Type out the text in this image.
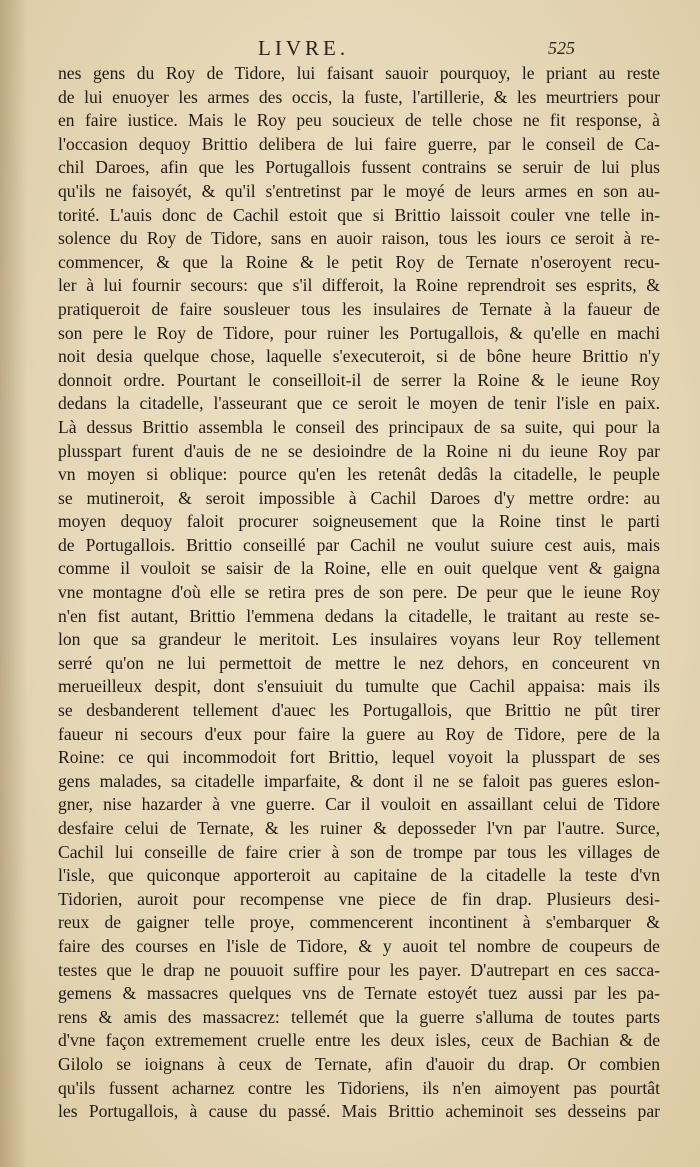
LIVRE.	525
nes gens du Roy de Tidore, lui faisant sauoir pourquoy, le priant au reste
de lui enuoyer les armes des occis, la fuste, l'artillerie, & les meurtriers pour
en faire iustice. Mais le Roy peu soucieux de telle chose ne fit response, à
l'occasion dequoy Brittio delibera de lui faire guerre, par le conseil de Ca-
chil Daroes, afin que les Portugallois fussent contrains se seruir de lui plus
qu'ils ne faisoyét, & qu'il s'entretinst par le moyé de leurs armes en son au-
torité. L'auis donc de Cachil estoit que si Brittio laissoit couler vne telle in-
solence du Roy de Tidore, sans en auoir raison, tous les iours ce seroit à re-
commencer, & que la Roine & le petit Roy de Ternate n'oseroyent recu-
ler à lui fournir secours: que s'il differoit, la Roine reprendroit ses esprits, &
pratiqueroit de faire sousleuer tous les insulaires de Ternate à la faueur de
son pere le Roy de Tidore, pour ruiner les Portugallois, & qu'elle en machi
noit desia quelque chose, laquelle s'executeroit, si de bône heure Brittio n'y
donnoit ordre. Pourtant le conseilloit-il de serrer la Roine & le ieune Roy
dedans la citadelle, l'asseurant que ce seroit le moyen de tenir l'isle en paix.
Là dessus Brittio assembla le conseil des principaux de sa suite, qui pour la
plusspart furent d'auis de ne se desioindre de la Roine ni du ieune Roy par
vn moyen si oblique: pource qu'en les retenât dedâs la citadelle, le peuple
se mutineroit, & seroit impossible à Cachil Daroes d'y mettre ordre: au
moyen dequoy faloit procurer soigneusement que la Roine tinst le parti
de Portugallois. Brittio conseillé par Cachil ne voulut suiure cest auis, mais
comme il vouloit se saisir de la Roine, elle en ouit quelque vent & gaigna
vne montagne d'où elle se retira pres de son pere. De peur que le ieune Roy
n'en fist autant, Brittio l'emmena dedans la citadelle, le traitant au reste se-
lon que sa grandeur le meritoit. Les insulaires voyans leur Roy tellement
serré qu'on ne lui permettoit de mettre le nez dehors, en conceurent vn
merueilleux despit, dont s'ensuiuit du tumulte que Cachil appaisa: mais ils
se desbanderent tellement d'auec les Portugallois, que Brittio ne pût tirer
faueur ni secours d'eux pour faire la guere au Roy de Tidore, pere de la
Roine: ce qui incommodoit fort Brittio, lequel voyoit la plusspart de ses
gens malades, sa citadelle imparfaite, & dont il ne se faloit pas gueres eslon-
gner, nise hazarder à vne guerre. Car il vouloit en assaillant celui de Tidore
desfaire celui de Ternate, & les ruiner & deposseder l'vn par l'autre. Surce,
Cachil lui conseille de faire crier à son de trompe par tous les villages de
l'isle, que quiconque apporteroit au capitaine de la citadelle la teste d'vn
Tidorien, auroit pour recompense vne piece de fin drap. Plusieurs desi-
reux de gaigner telle proye, commencerent incontinent à s'embarquer &
faire des courses en l'isle de Tidore, & y auoit tel nombre de coupeurs de
testes que le drap ne pouuoit suffire pour les payer. D'autrepart en ces sacca-
gemens & massacres quelques vns de Ternate estoyét tuez aussi par les pa-
rens & amis des massacrez: tellemét que la guerre s'alluma de toutes parts
d'vne façon extremement cruelle entre les deux isles, ceux de Bachian & de
Gilolo se ioignans à ceux de Ternate, afin d'auoir du drap. Or combien
qu'ils fussent acharnez contre les Tidoriens, ils n'en aimoyent pas pourtât
les Portugallois, à cause du passé. Mais Brittio acheminoit ses desseins par
